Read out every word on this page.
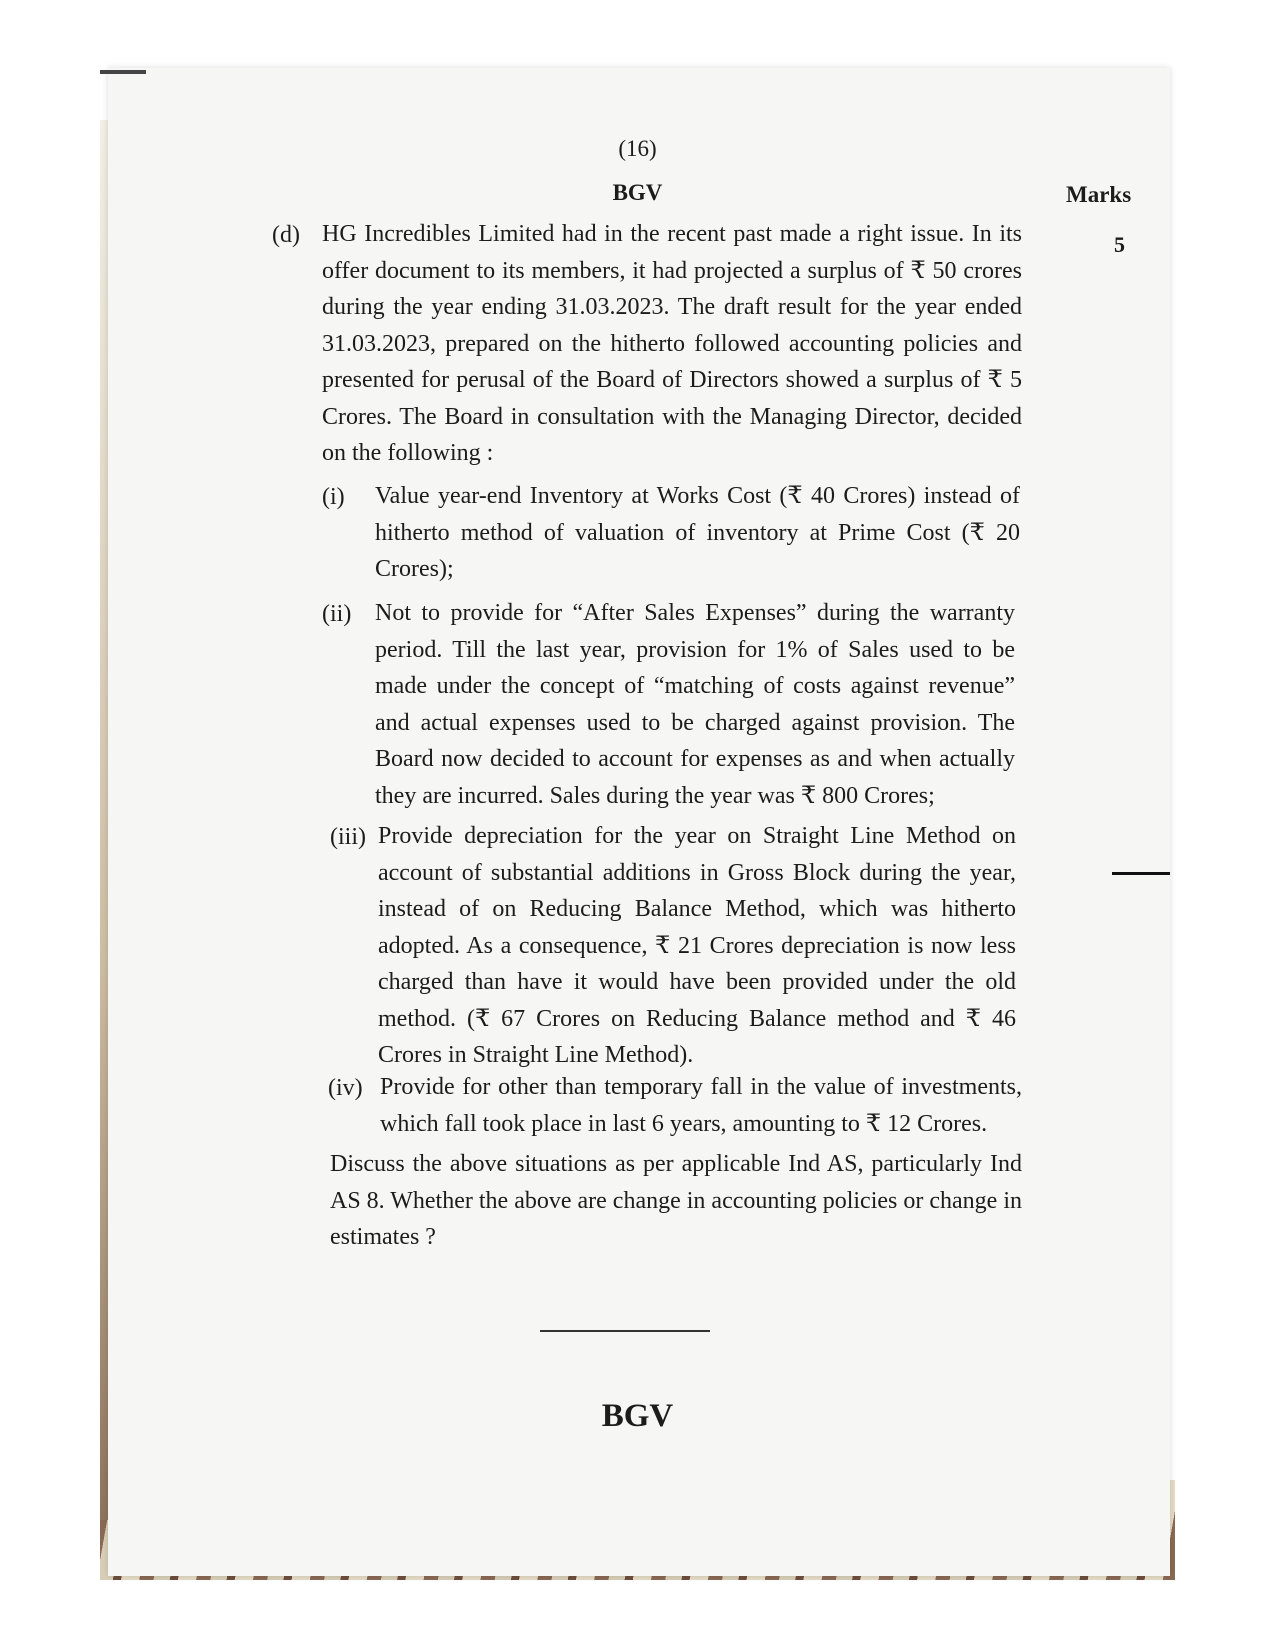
(16)
BGV	Marks
5
(d) HG Incredibles Limited had in the recent past made a right issue. In its offer document to its members, it had projected a surplus of ₹ 50 crores during the year ending 31.03.2023. The draft result for the year ended 31.03.2023, prepared on the hitherto followed accounting policies and presented for perusal of the Board of Directors showed a surplus of ₹ 5 Crores. The Board in consultation with the Managing Director, decided on the following :

(i) Value year-end Inventory at Works Cost (₹ 40 Crores) instead of hitherto method of valuation of inventory at Prime Cost (₹ 20 Crores);

(ii) Not to provide for “After Sales Expenses” during the warranty period. Till the last year, provision for 1% of Sales used to be made under the concept of “matching of costs against revenue” and actual expenses used to be charged against provision. The Board now decided to account for expenses as and when actually they are incurred. Sales during the year was ₹ 800 Crores;

(iii) Provide depreciation for the year on Straight Line Method on account of substantial additions in Gross Block during the year, instead of on Reducing Balance Method, which was hitherto adopted. As a consequence, ₹ 21 Crores depreciation is now less charged than have it would have been provided under the old method. (₹ 67 Crores on Reducing Balance method and ₹ 46 Crores in Straight Line Method).

(iv) Provide for other than temporary fall in the value of investments, which fall took place in last 6 years, amounting to ₹ 12 Crores.

Discuss the above situations as per applicable Ind AS, particularly Ind AS 8. Whether the above are change in accounting policies or change in estimates ?

BGV
